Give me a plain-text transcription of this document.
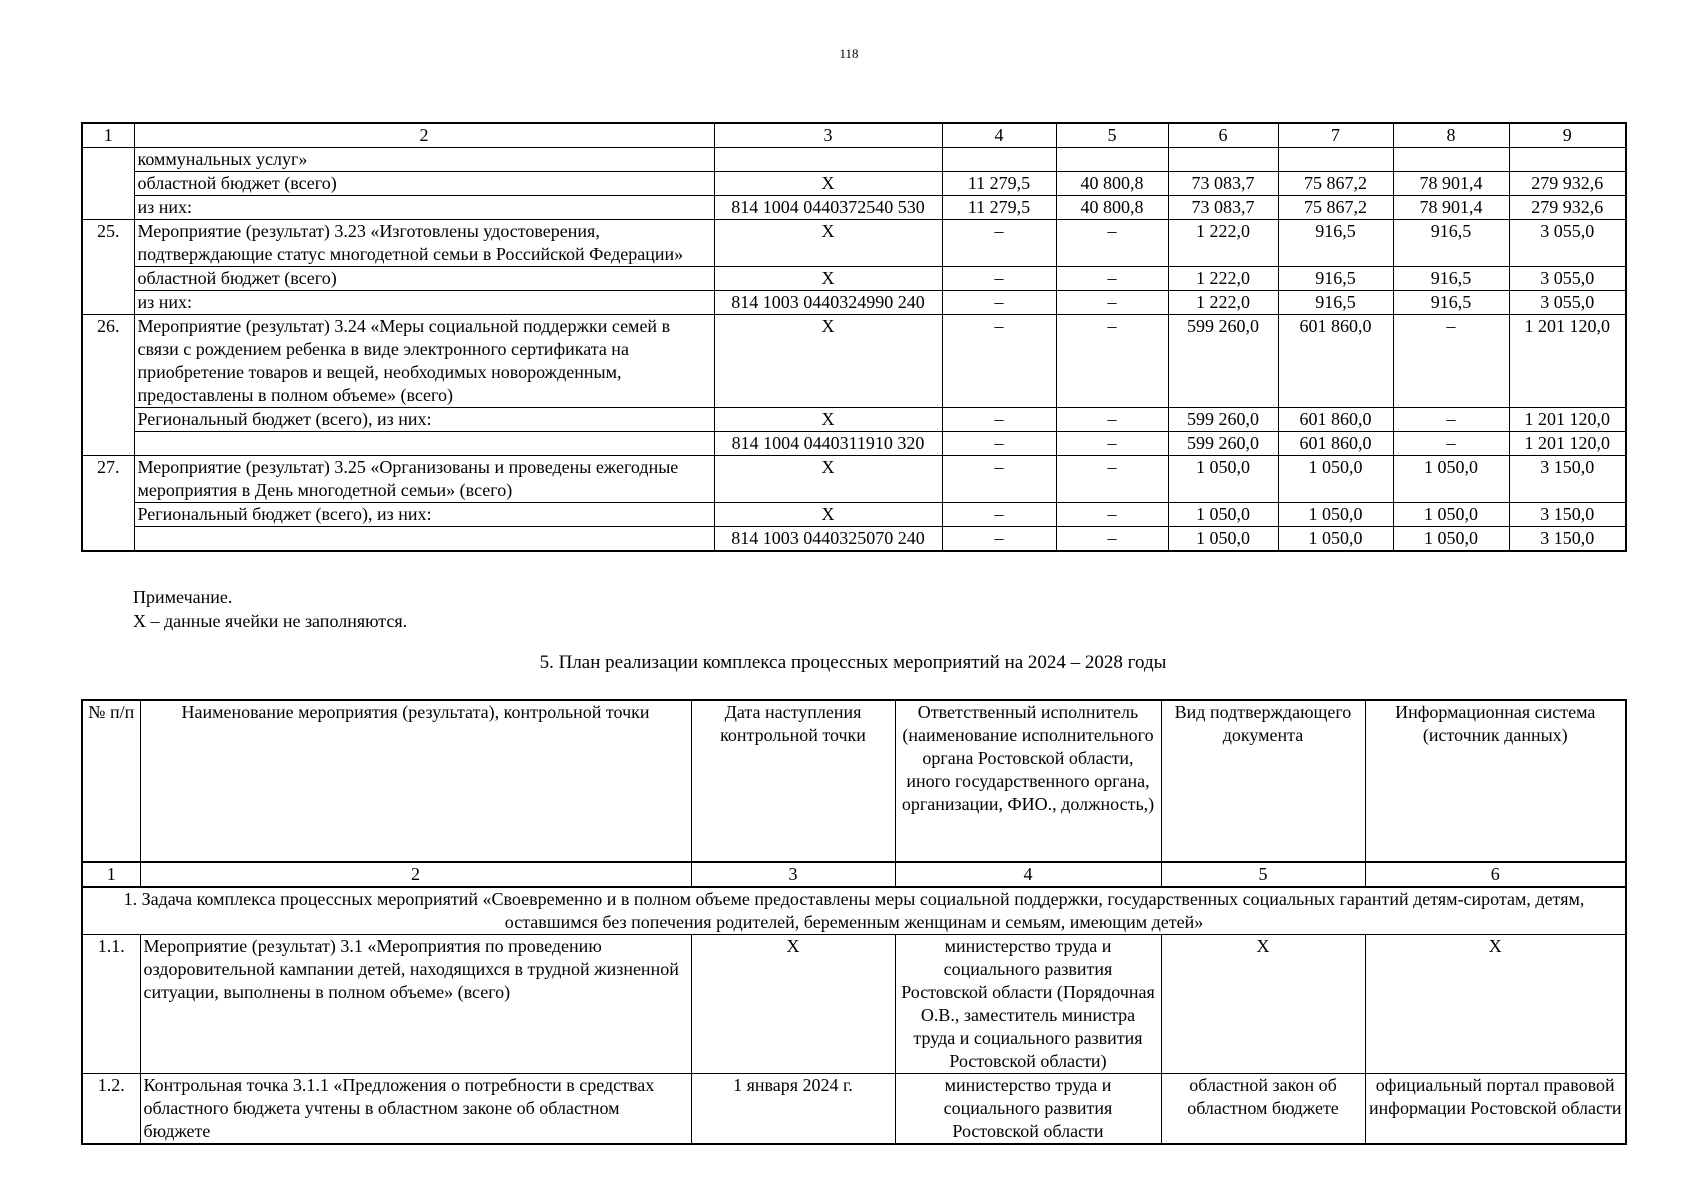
118
1	2	3	4	5	6	7	8	9
	коммунальных услуг»							
	областной бюджет (всего)	X	11 279,5	40 800,8	73 083,7	75 867,2	78 901,4	279 932,6
	из них:	814 1004 0440372540 530	11 279,5	40 800,8	73 083,7	75 867,2	78 901,4	279 932,6
25.	Мероприятие (результат) 3.23 «Изготовлены удостоверения, подтверждающие статус многодетной семьи в Российской Федерации»	X	–	–	1 222,0	916,5	916,5	3 055,0
	областной бюджет (всего)	X	–	–	1 222,0	916,5	916,5	3 055,0
	из них:	814 1003 0440324990 240	–	–	1 222,0	916,5	916,5	3 055,0
26.	Мероприятие (результат) 3.24 «Меры социальной поддержки семей в связи с рождением ребенка в виде электронного сертификата на приобретение товаров и вещей, необходимых новорожденным, предоставлены в полном объеме» (всего)	X	–	–	599 260,0	601 860,0	–	1 201 120,0
	Региональный бюджет (всего), из них:	X	–	–	599 260,0	601 860,0	–	1 201 120,0
		814 1004 0440311910 320	–	–	599 260,0	601 860,0	–	1 201 120,0
27.	Мероприятие (результат) 3.25 «Организованы и проведены ежегодные мероприятия в День многодетной семьи» (всего)	X	–	–	1 050,0	1 050,0	1 050,0	3 150,0
	Региональный бюджет (всего), из них:	X	–	–	1 050,0	1 050,0	1 050,0	3 150,0
		814 1003 0440325070 240	–	–	1 050,0	1 050,0	1 050,0	3 150,0
Примечание.
X – данные ячейки не заполняются.
5. План реализации комплекса процессных мероприятий на 2024 – 2028 годы
№ п/п	Наименование мероприятия (результата), контрольной точки	Дата наступления контрольной точки	Ответственный исполнитель (наименование исполнительного органа Ростовской области, иного государственного органа, организации, ФИО., должность,)	Вид подтверждающего документа	Информационная система (источник данных)
1	2	3	4	5	6
1. Задача комплекса процессных мероприятий «Своевременно и в полном объеме предоставлены меры социальной поддержки, государственных социальных гарантий детям-сиротам, детям, оставшимся без попечения родителей, беременным женщинам и семьям, имеющим детей»					
1.1.	Мероприятие (результат) 3.1 «Мероприятия по проведению оздоровительной кампании детей, находящихся в трудной жизненной ситуации, выполнены в полном объеме» (всего)	X	министерство труда и социального развития Ростовской области (Порядочная О.В., заместитель министра труда и социального развития Ростовской области)	X	X
1.2.	Контрольная точка 3.1.1 «Предложения о потребности в средствах областного бюджета учтены в областном законе об областном бюджете	1 января 2024 г.	министерство труда и социального развития Ростовской области	областной закон об областном бюджете	официальный портал правовой информации Ростовской области
